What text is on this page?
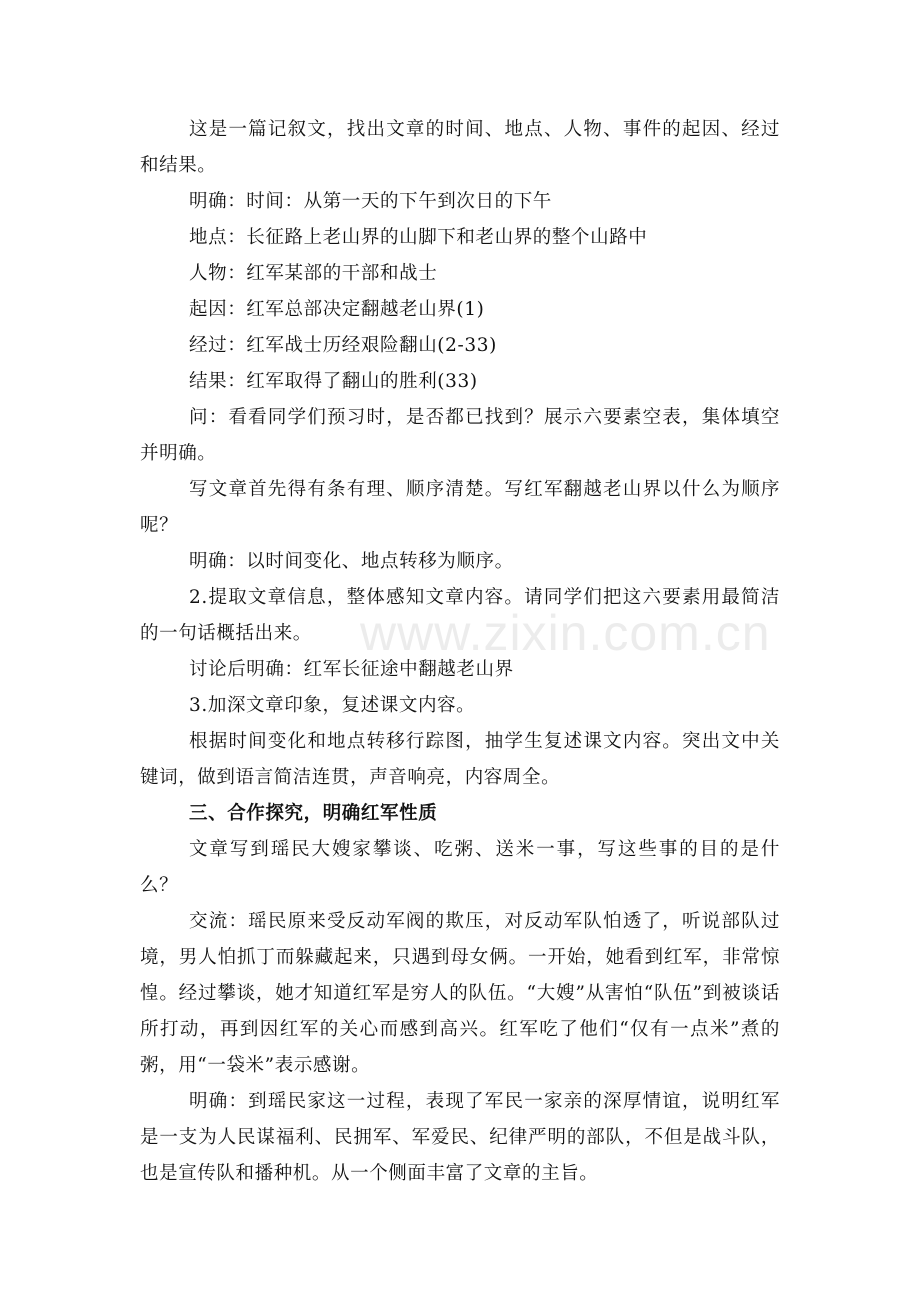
这是一篇记叙文，找出文章的时间、地点、人物、事件的起因、经过和结果。

明确：时间：从第一天的下午到次日的下午

地点：长征路上老山界的山脚下和老山界的整个山路中

人物：红军某部的干部和战士

起因：红军总部决定翻越老山界(1)

经过：红军战士历经艰险翻山(2-33)

结果：红军取得了翻山的胜利(33)

问：看看同学们预习时，是否都已找到？展示六要素空表，集体填空并明确。

写文章首先得有条有理、顺序清楚。写红军翻越老山界以什么为顺序呢？

明确：以时间变化、地点转移为顺序。

2.提取文章信息，整体感知文章内容。请同学们把这六要素用最简洁的一句话概括出来。

讨论后明确：红军长征途中翻越老山界

3.加深文章印象，复述课文内容。

根据时间变化和地点转移行踪图，抽学生复述课文内容。突出文中关键词，做到语言简洁连贯，声音响亮，内容周全。

三、合作探究，明确红军性质

文章写到瑶民大嫂家攀谈、吃粥、送米一事，写这些事的目的是什么？

交流：瑶民原来受反动军阀的欺压，对反动军队怕透了，听说部队过境，男人怕抓丁而躲藏起来，只遇到母女俩。一开始，她看到红军，非常惊惶。经过攀谈，她才知道红军是穷人的队伍。“大嫂”从害怕“队伍”到被谈话所打动，再到因红军的关心而感到高兴。红军吃了他们“仅有一点米”煮的粥，用“一袋米”表示感谢。

明确：到瑶民家这一过程，表现了军民一家亲的深厚情谊，说明红军是一支为人民谋福利、民拥军、军爱民、纪律严明的部队，不但是战斗队，也是宣传队和播种机。从一个侧面丰富了文章的主旨。

www.zixin.com.cn
